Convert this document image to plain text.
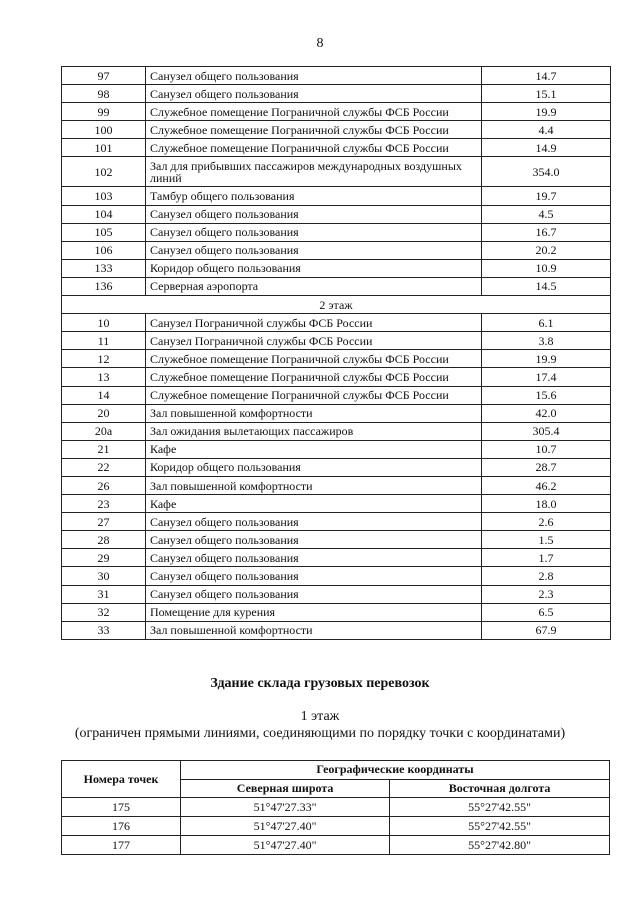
8
97	Санузел общего пользования	14.7
98	Санузел общего пользования	15.1
99	Служебное помещение Пограничной службы ФСБ России	19.9
100	Служебное помещение Пограничной службы ФСБ России	4.4
101	Служебное помещение Пограничной службы ФСБ России	14.9
102	Зал для прибывших пассажиров международных воздушных линий	354.0
103	Тамбур общего пользования	19.7
104	Санузел общего пользования	4.5
105	Санузел общего пользования	16.7
106	Санузел общего пользования	20.2
133	Коридор общего пользования	10.9
136	Серверная аэропорта	14.5
2 этаж		
10	Санузел Пограничной службы ФСБ России	6.1
11	Санузел Пограничной службы ФСБ России	3.8
12	Служебное помещение Пограничной службы ФСБ России	19.9
13	Служебное помещение Пограничной службы ФСБ России	17.4
14	Служебное помещение Пограничной службы ФСБ России	15.6
20	Зал повышенной комфортности	42.0
20а	Зал ожидания вылетающих пассажиров	305.4
21	Кафе	10.7
22	Коридор общего пользования	28.7
26	Зал повышенной комфортности	46.2
23	Кафе	18.0
27	Санузел общего пользования	2.6
28	Санузел общего пользования	1.5
29	Санузел общего пользования	1.7
30	Санузел общего пользования	2.8
31	Санузел общего пользования	2.3
32	Помещение для курения	6.5
33	Зал повышенной комфортности	67.9
Здание склада грузовых перевозок
1 этаж
(ограничен прямыми линиями, соединяющими по порядку точки с координатами)
Номера точек	Географические координаты	
	Северная широта	Восточная долгота
175	51°47'27.33"	55°27'42.55"
176	51°47'27.40"	55°27'42.55"
177	51°47'27.40"	55°27'42.80"
